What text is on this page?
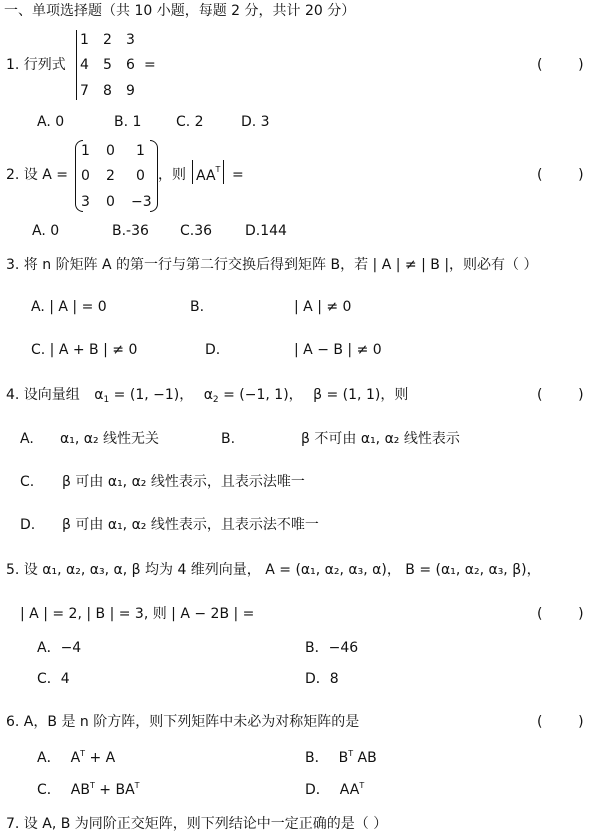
一、单项选择题（共 10 小题，每题 2 分，共计 20 分）
1. 行列式
1 2 3
4 5 6
7 8 9
=	(        )
A. 0	B. 1 C. 2	D. 3
2. 设 A =
1 0 1
0 2 0
3 0 −3
，则 AAT =	(        )
A. 0	B.-36 C.36 D.144
3. 将 n 阶矩阵 A 的第一行与第二行交换后得到矩阵 B，若 | A | ≠ | B |，则必有（ ）
A. | A | = 0	B.	| A | ≠ 0
C. | A + B | ≠ 0	D.	| A − B | ≠ 0
4. 设向量组 $\alpha_1 = (1$, −1)， $\alpha_2 = (-1$, 1)， β = (1, 1)，则	(        )
A. α₁, α₂ 线性无关	B.	β 不可由 α₁, α₂ 线性表示
C. β 可由 α₁, α₂ 线性表示，且表示法唯一
D. β 可由 α₁, α₂ 线性表示，且表示法不唯一
5. 设 α₁, α₂, α₃, α, β 均为 4 维列向量， A = (α₁, α₂, α₃, α)， B = (α₁, α₂, α₃, β)，
| A | = 2, | B | = 3, 则 | A − 2B | =	(        )
A．−4	B．−46
C．4	D．8
6. A，B 是 n 阶方阵，则下列矩阵中未必为对称矩阵的是	(        )
A． $A^T + A$	B． $B^T$ AB
C． $AB^T + BA^T$	D． $AA^T$
7. 设 A, B 为同阶正交矩阵，则下列结论中一定正确的是（ ）
